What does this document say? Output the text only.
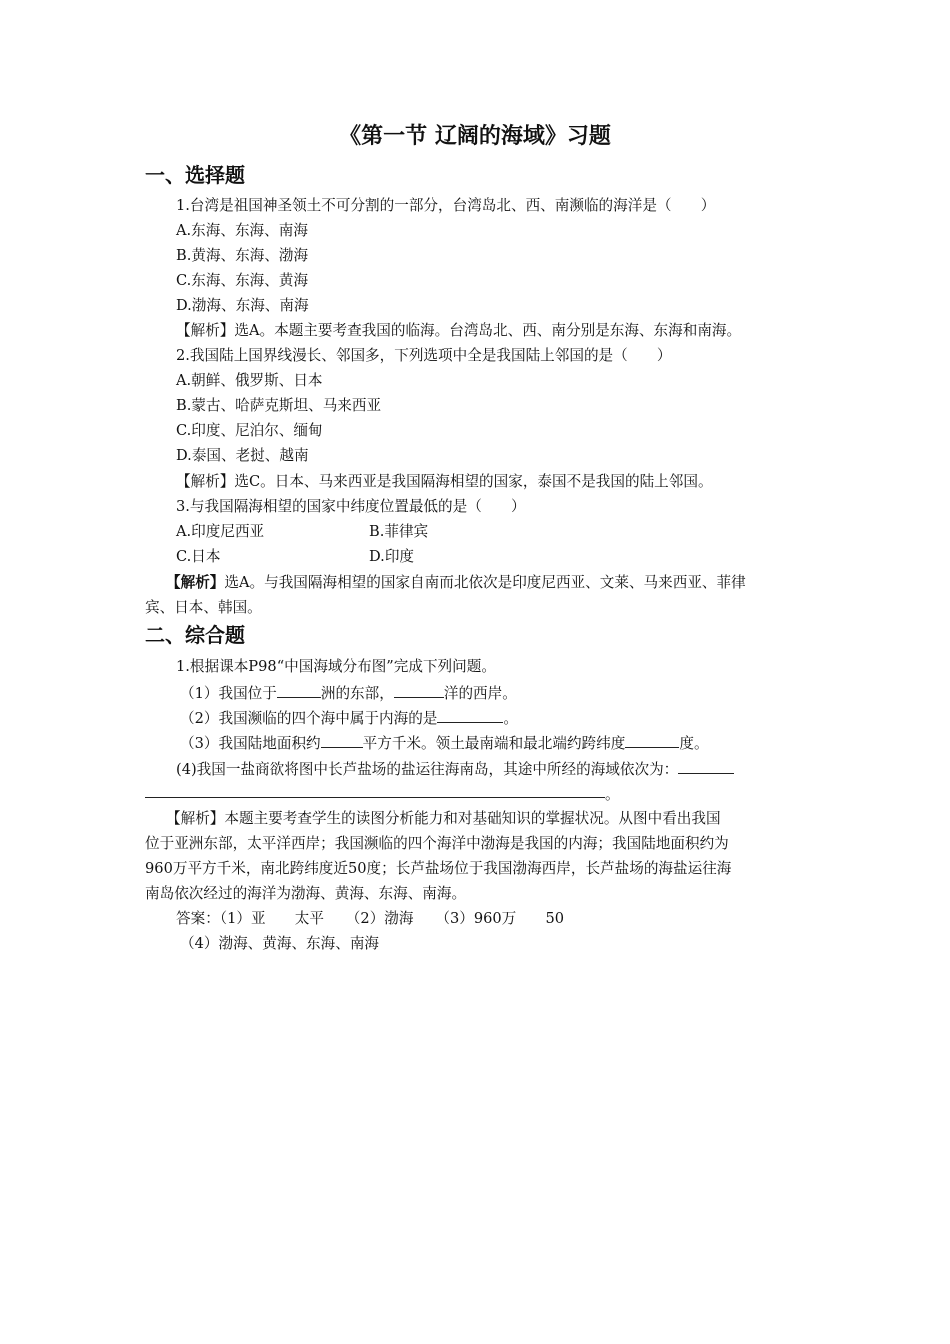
《第一节 辽阔的海域》习题
一、选择题
1.台湾是祖国神圣领土不可分割的一部分，台湾岛北、西、南濒临的海洋是（　　）
A.东海、东海、南海
B.黄海、东海、渤海
C.东海、东海、黄海
D.渤海、东海、南海
【解析】选A。本题主要考查我国的临海。台湾岛北、西、南分别是东海、东海和南海。
2.我国陆上国界线漫长、邻国多，下列选项中全是我国陆上邻国的是（　　）
A.朝鲜、俄罗斯、日本
B.蒙古、哈萨克斯坦、马来西亚
C.印度、尼泊尔、缅甸
D.泰国、老挝、越南
【解析】选C。日本、马来西亚是我国隔海相望的国家，泰国不是我国的陆上邻国。
3.与我国隔海相望的国家中纬度位置最低的是（　　）
A.印度尼西亚	B.菲律宾
C.日本	D.印度
【解析】选A。与我国隔海相望的国家自南而北依次是印度尼西亚、文莱、马来西亚、菲律
宾、日本、韩国。
二、综合题
1.根据课本P98“中国海域分布图”完成下列问题。
（1）我国位于	洲的东部，	洋的西岸。
（2）我国濒临的四个海中属于内海的是	。
（3）我国陆地面积约	平方千米。领土最南端和最北端约跨纬度	度。
(4)我国一盐商欲将图中长芦盐场的盐运往海南岛，其途中所经的海域依次为：
。
【解析】本题主要考查学生的读图分析能力和对基础知识的掌握状况。从图中看出我国
位于亚洲东部，太平洋西岸；我国濒临的四个海洋中渤海是我国的内海；我国陆地面积约为
960万平方千米，南北跨纬度近50度；长芦盐场位于我国渤海西岸，长芦盐场的海盐运往海
南岛依次经过的海洋为渤海、黄海、东海、南海。
答案：（1）亚　　太平　　（2）渤海　　（3）960万　　50
（4）渤海、黄海、东海、南海
